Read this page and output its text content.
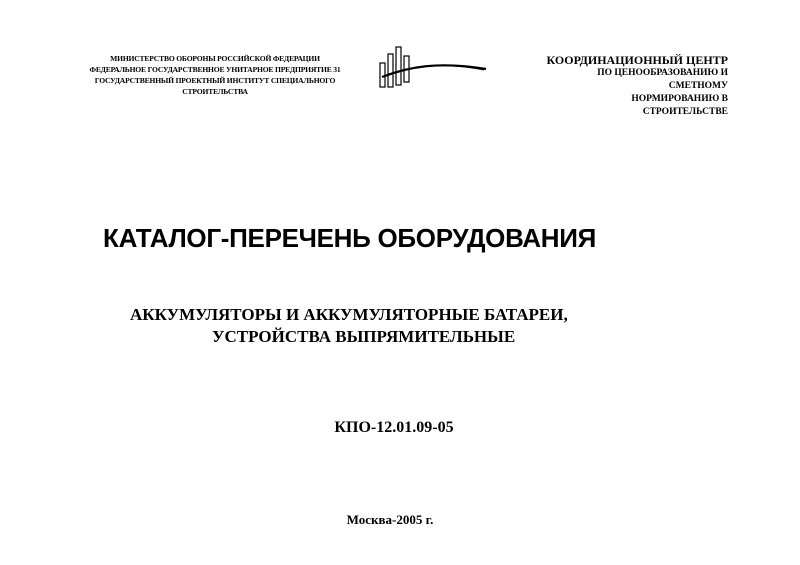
МИНИСТЕРСТВО ОБОРОНЫ РОССИЙСКОЙ ФЕДЕРАЦИИ
ФЕДЕРАЛЬНОЕ ГОСУДАРСТВЕННОЕ УНИТАРНОЕ ПРЕДПРИЯТИЕ 31
ГОСУДАРСТВЕННЫЙ ПРОЕКТНЫЙ ИНСТИТУТ СПЕЦИАЛЬНОГО
СТРОИТЕЛЬСТВА
КООРДИНАЦИОННЫЙ ЦЕНТР
ПО ЦЕНООБРАЗОВАНИЮ И
СМЕТНОМУ
НОРМИРОВАНИЮ В
СТРОИТЕЛЬСТВЕ
КАТАЛОГ-ПЕРЕЧЕНЬ ОБОРУДОВАНИЯ
АККУМУЛЯТОРЫ И АККУМУЛЯТОРНЫЕ БАТАРЕИ,
УСТРОЙСТВА ВЫПРЯМИТЕЛЬНЫЕ
КПО-12.01.09-05
Москва-2005 г.
